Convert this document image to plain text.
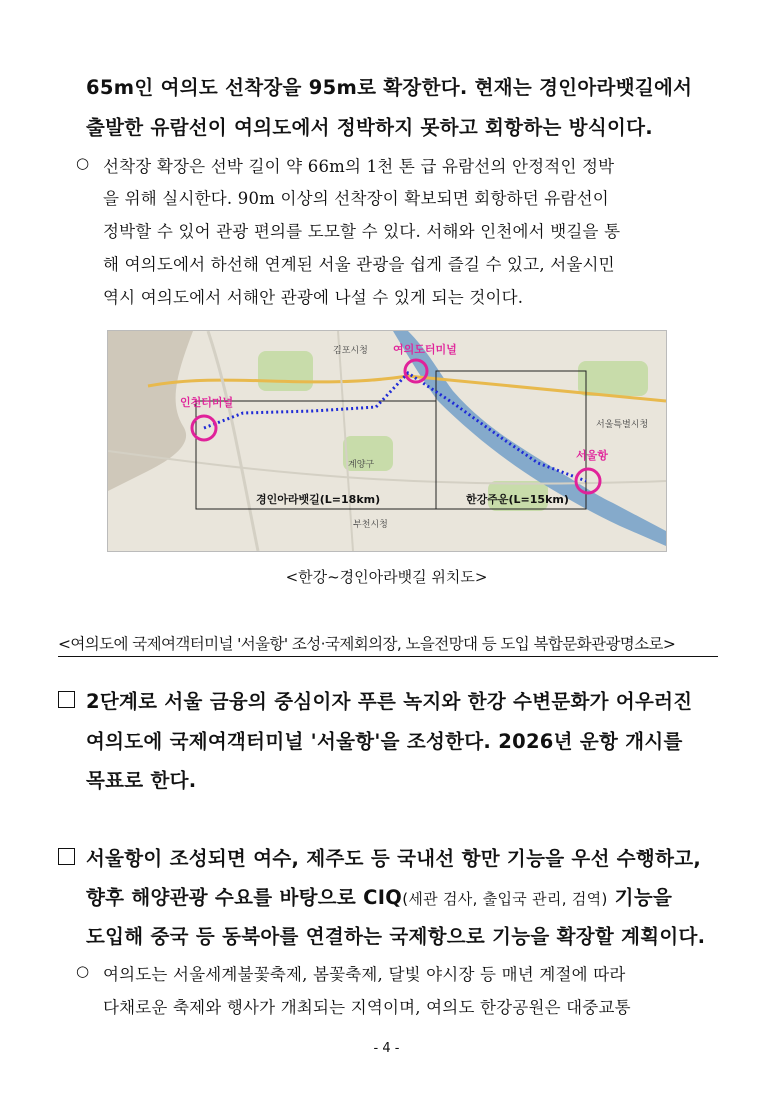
65m인 여의도 선착장을 95m로 확장한다. 현재는 경인아라뱃길에서
출발한 유람선이 여의도에서 정박하지 못하고 회항하는 방식이다.
○ 선착장 확장은 선박 길이 약 66m의 1천 톤 급 유람선의 안정적인 정박
을 위해 실시한다. 90m 이상의 선착장이 확보되면 회항하던 유람선이
정박할 수 있어 관광 편의를 도모할 수 있다. 서해와 인천에서 뱃길을 통
해 여의도에서 하선해 연계된 서울 관광을 쉽게 즐길 수 있고, 서울시민
역시 여의도에서 서해안 관광에 나설 수 있게 되는 것이다.
인천터미널
여의도터미널
서울항
김포시청
부천시청
계양구
서울특별시청
경인아라뱃길(L=18km)	한강주운(L=15km)
<한강~경인아라뱃길 위치도>
<여의도에 국제여객터미널 '서울항' 조성·국제회의장, 노을전망대 등 도입 복합문화관광명소로>
2단계로 서울 금융의 중심이자 푸른 녹지와 한강 수변문화가 어우러진
여의도에 국제여객터미널 '서울항'을 조성한다. 2026년 운항 개시를
목표로 한다.
서울항이 조성되면 여수, 제주도 등 국내선 항만 기능을 우선 수행하고,
향후 해양관광 수요를 바탕으로 CIQ(세관 검사, 출입국 관리, 검역) 기능을
도입해 중국 등 동북아를 연결하는 국제항으로 기능을 확장할 계획이다.
○ 여의도는 서울세계불꽃축제, 봄꽃축제, 달빛 야시장 등 매년 계절에 따라
다채로운 축제와 행사가 개최되는 지역이며, 여의도 한강공원은 대중교통
- 4 -
